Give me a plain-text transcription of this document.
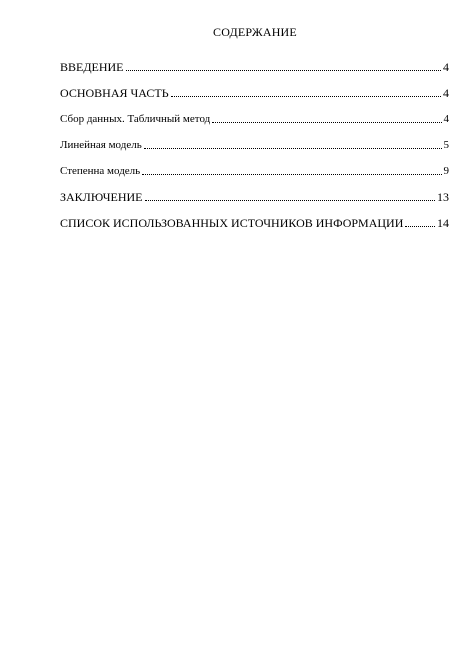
СОДЕРЖАНИЕ
ВВЕДЕНИЕ	4
ОСНОВНАЯ ЧАСТЬ	4
Сбор данных. Табличный метод	4
Линейная модель	5
Степенна модель	9
ЗАКЛЮЧЕНИЕ	13
СПИСОК ИСПОЛЬЗОВАННЫХ ИСТОЧНИКОВ ИНФОРМАЦИИ	14
